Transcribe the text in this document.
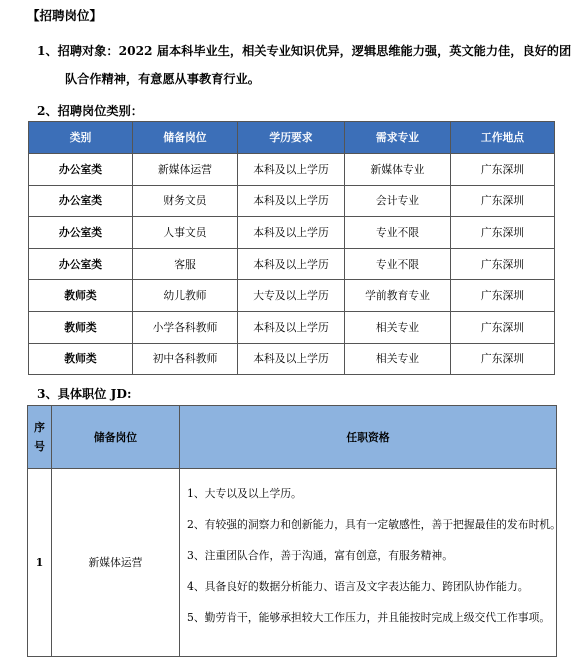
【招聘岗位】
1、招聘对象：2022 届本科毕业生，相关专业知识优异，逻辑思维能力强，英文能力佳，良好的团
队合作精神，有意愿从事教育行业。
2、招聘岗位类别：
类别	储备岗位	学历要求	需求专业	工作地点
办公室类	新媒体运营	本科及以上学历	新媒体专业	广东深圳
办公室类	财务文员	本科及以上学历	会计专业	广东深圳
办公室类	人事文员	本科及以上学历	专业不限	广东深圳
办公室类	客服	本科及以上学历	专业不限	广东深圳
教师类	幼儿教师	大专及以上学历	学前教育专业	广东深圳
教师类	小学各科教师	本科及以上学历	相关专业	广东深圳
教师类	初中各科教师	本科及以上学历	相关专业	广东深圳
3、具体职位 JD:
序
号	储备岗位	任职资格
1	新媒体运营	1、大专以及以上学历。
2、有较强的洞察力和创新能力，具有一定敏感性，善于把握最佳的发布时机。
3、注重团队合作，善于沟通，富有创意，有服务精神。
4、具备良好的数据分析能力、语言及文字表达能力、跨团队协作能力。
5、勤劳肯干，能够承担较大工作压力，并且能按时完成上级交代工作事项。
